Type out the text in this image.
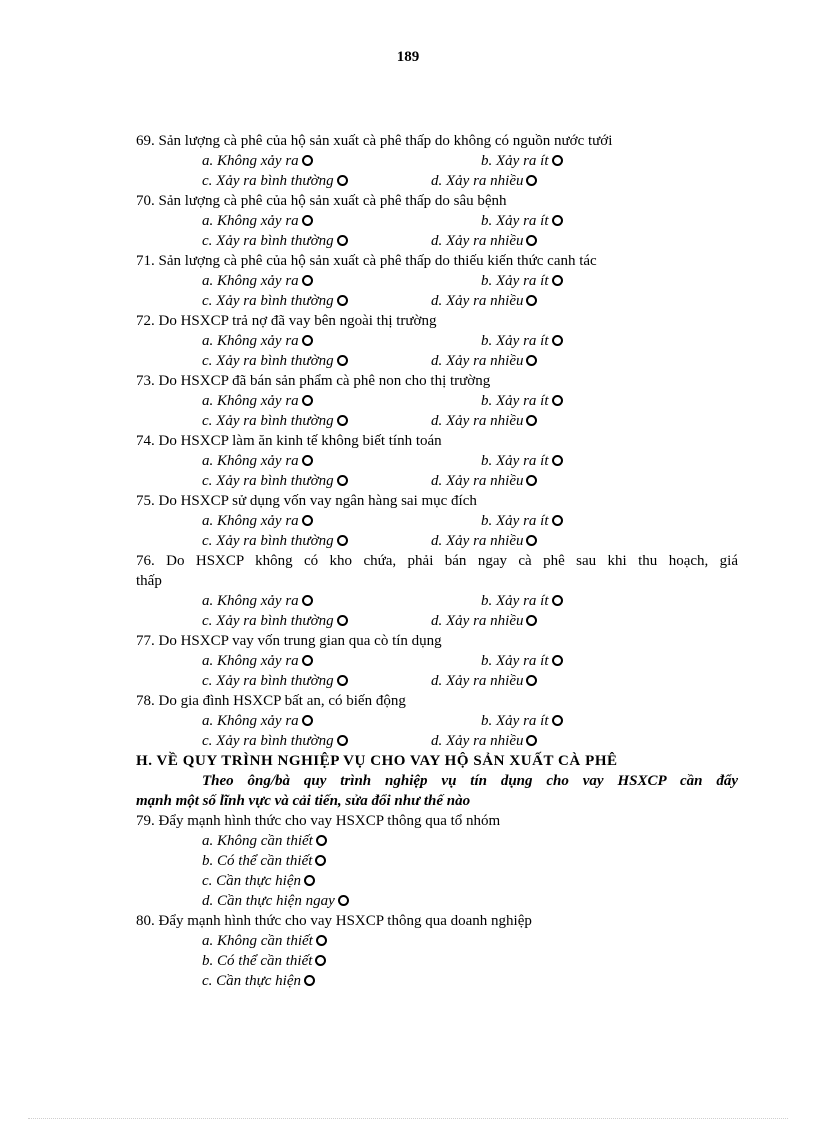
189
69. Sản lượng cà phê của hộ sản xuất cà phê thấp do không có nguồn nước tưới
a. Không xảy ra	b. Xảy ra ít
c. Xảy ra bình thường	d. Xảy ra nhiều
70. Sản lượng cà phê của hộ sản xuất cà phê thấp do sâu bệnh
a. Không xảy ra	b. Xảy ra ít
c. Xảy ra bình thường	d. Xảy ra nhiều
71. Sản lượng cà phê của hộ sản xuất cà phê thấp do thiếu kiến thức canh tác
a. Không xảy ra	b. Xảy ra ít
c. Xảy ra bình thường	d. Xảy ra nhiều
72. Do HSXCP trả nợ đã vay bên ngoài thị trường
a. Không xảy ra	b. Xảy ra ít
c. Xảy ra bình thường	d. Xảy ra nhiều
73. Do HSXCP đã bán sản phẩm cà phê non cho thị trường
a. Không xảy ra	b. Xảy ra ít
c. Xảy ra bình thường	d. Xảy ra nhiều
74. Do HSXCP làm ăn kinh tế không biết tính toán
a. Không xảy ra	b. Xảy ra ít
c. Xảy ra bình thường	d. Xảy ra nhiều
75. Do HSXCP sử dụng vốn vay ngân hàng sai mục đích
a. Không xảy ra	b. Xảy ra ít
c. Xảy ra bình thường	d. Xảy ra nhiều
76. Do HSXCP không có kho chứa, phải bán ngay cà phê sau khi thu hoạch, giá
thấp
a. Không xảy ra	b. Xảy ra ít
c. Xảy ra bình thường	d. Xảy ra nhiều
77. Do HSXCP vay vốn trung gian qua cò tín dụng
a. Không xảy ra	b. Xảy ra ít
c. Xảy ra bình thường	d. Xảy ra nhiều
78. Do gia đình HSXCP bất an, có biến động
a. Không xảy ra	b. Xảy ra ít
c. Xảy ra bình thường	d. Xảy ra nhiều
H. VỀ QUY TRÌNH NGHIỆP VỤ CHO VAY HỘ SẢN XUẤT CÀ PHÊ
Theo ông/bà quy trình nghiệp vụ tín dụng cho vay HSXCP cần đẩy
mạnh một số lĩnh vực và cải tiến, sửa đổi như thế nào
79. Đẩy mạnh hình thức cho vay HSXCP thông qua tổ nhóm
a. Không cần thiết
b. Có thể cần thiết
c. Cần thực hiện
d. Cần thực hiện ngay
80. Đẩy mạnh hình thức cho vay HSXCP thông qua doanh nghiệp
a. Không cần thiết
b. Có thể cần thiết
c. Cần thực hiện
